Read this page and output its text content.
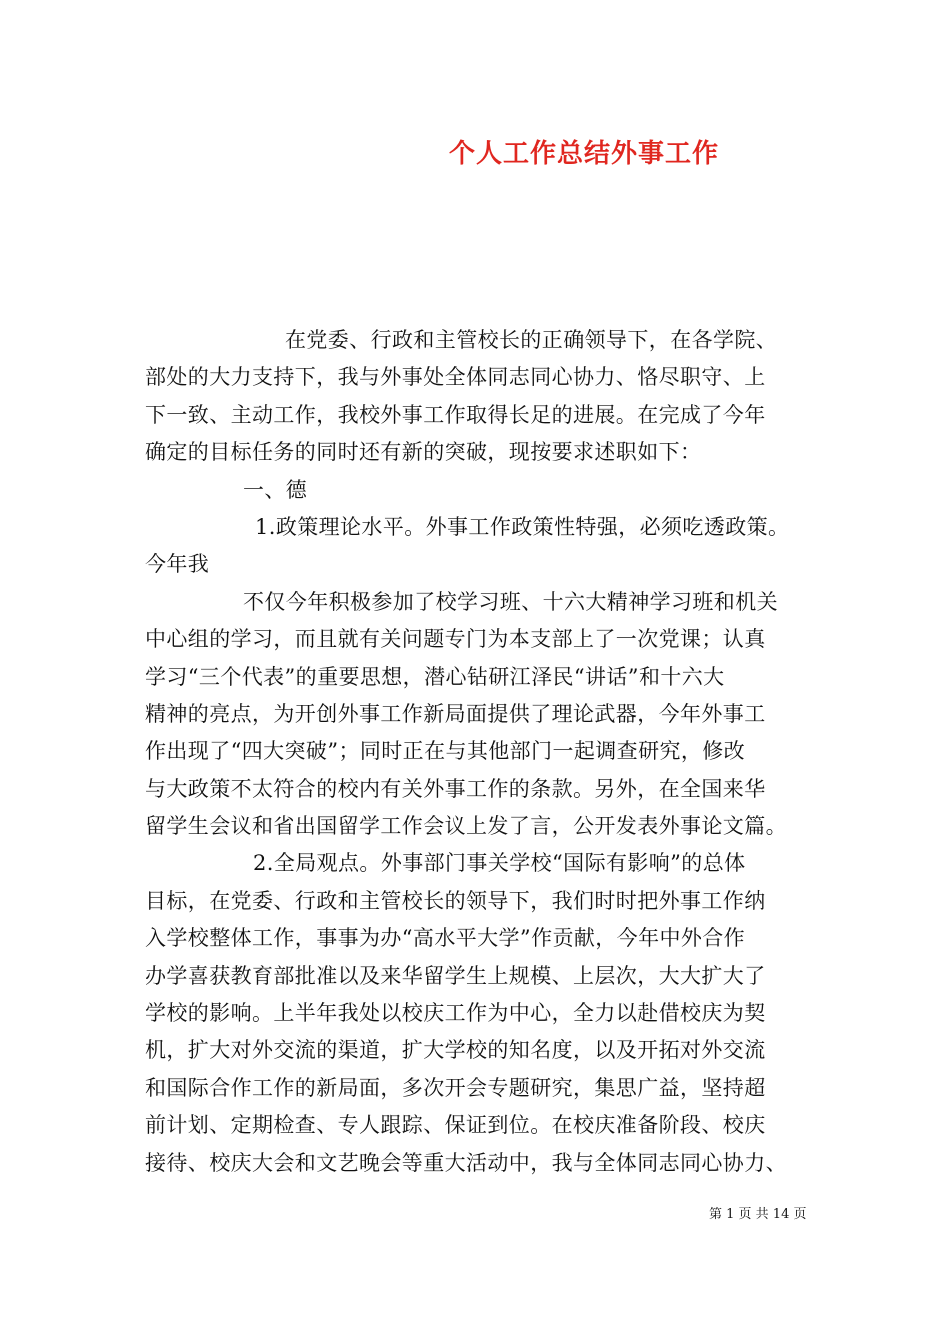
个人工作总结外事工作
在党委、行政和主管校长的正确领导下，在各学院、
部处的大力支持下，我与外事处全体同志同心协力、恪尽职守、上
下一致、主动工作，我校外事工作取得长足的进展。在完成了今年
确定的目标任务的同时还有新的突破，现按要求述职如下：
一、德
1.政策理论水平。外事工作政策性特强，必须吃透政策。
今年我
不仅今年积极参加了校学习班、十六大精神学习班和机关
中心组的学习，而且就有关问题专门为本支部上了一次党课；认真
学习“三个代表”的重要思想，潜心钻研江泽民“讲话”和十六大
精神的亮点，为开创外事工作新局面提供了理论武器，今年外事工
作出现了“四大突破”；同时正在与其他部门一起调查研究，修改
与大政策不太符合的校内有关外事工作的条款。另外，在全国来华
留学生会议和省出国留学工作会议上发了言，公开发表外事论文篇。
2.全局观点。外事部门事关学校“国际有影响”的总体
目标，在党委、行政和主管校长的领导下，我们时时把外事工作纳
入学校整体工作，事事为办“高水平大学”作贡献，今年中外合作
办学喜获教育部批准以及来华留学生上规模、上层次，大大扩大了
学校的影响。上半年我处以校庆工作为中心，全力以赴借校庆为契
机，扩大对外交流的渠道，扩大学校的知名度，以及开拓对外交流
和国际合作工作的新局面，多次开会专题研究，集思广益，坚持超
前计划、定期检查、专人跟踪、保证到位。在校庆准备阶段、校庆
接待、校庆大会和文艺晚会等重大活动中，我与全体同志同心协力、
第 1 页 共 14 页
